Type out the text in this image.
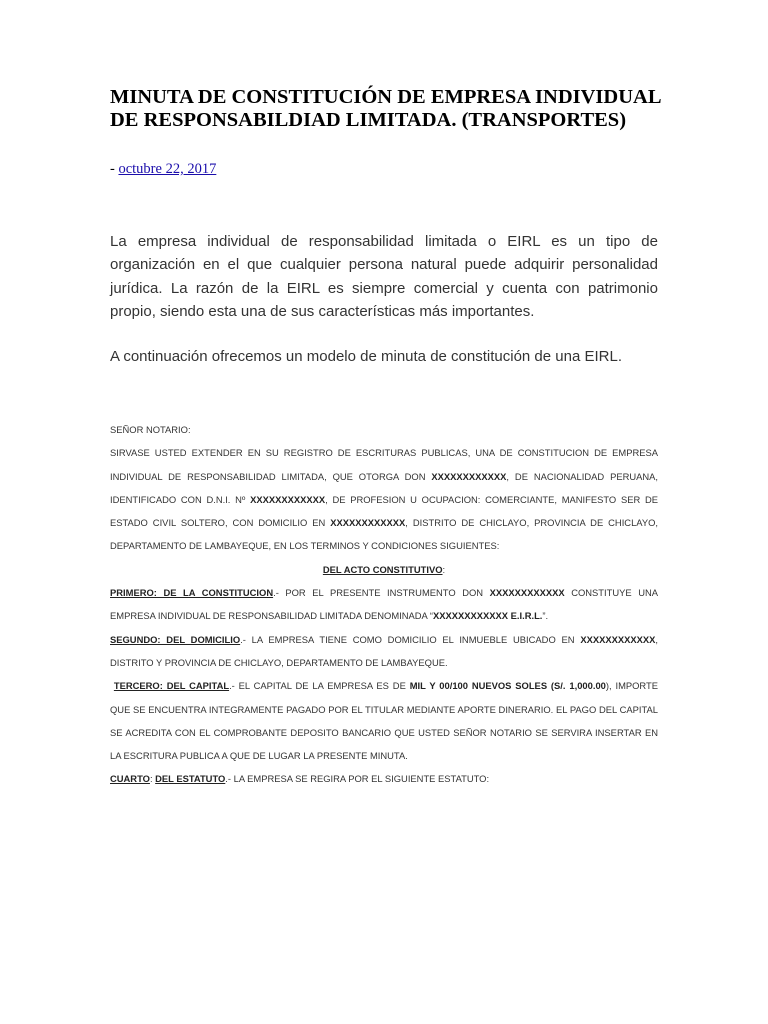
MINUTA DE CONSTITUCIÓN DE EMPRESA INDIVIDUAL DE RESPONSABILDIAD LIMITADA. (TRANSPORTES)
- octubre 22, 2017

La empresa individual de responsabilidad limitada o EIRL es un tipo de organización en el que cualquier persona natural puede adquirir personalidad jurídica. La razón de la EIRL es siempre comercial y cuenta con patrimonio propio, siendo esta una de sus características más importantes.

A continuación ofrecemos un modelo de minuta de constitución de una EIRL.

SEÑOR NOTARIO:

SIRVASE USTED EXTENDER EN SU REGISTRO DE ESCRITURAS PUBLICAS, UNA DE CONSTITUCION DE EMPRESA INDIVIDUAL DE RESPONSABILIDAD LIMITADA, QUE OTORGA DON XXXXXXXXXXXX, DE NACIONALIDAD PERUANA, IDENTIFICADO CON D.N.I. Nº XXXXXXXXXXXX, DE PROFESION U OCUPACION: COMERCIANTE, MANIFESTO SER DE ESTADO CIVIL SOLTERO, CON DOMICILIO EN XXXXXXXXXXXX, DISTRITO DE CHICLAYO, PROVINCIA DE CHICLAYO, DEPARTAMENTO DE LAMBAYEQUE, EN LOS TERMINOS Y CONDICIONES SIGUIENTES:

DEL ACTO CONSTITUTIVO:

PRIMERO: DE LA CONSTITUCION.- POR EL PRESENTE INSTRUMENTO DON XXXXXXXXXXXX CONSTITUYE UNA EMPRESA INDIVIDUAL DE RESPONSABILIDAD LIMITADA DENOMINADA “XXXXXXXXXXXX E.I.R.L.”.

SEGUNDO: DEL DOMICILIO.- LA EMPRESA TIENE COMO DOMICILIO EL INMUEBLE UBICADO EN XXXXXXXXXXXX, DISTRITO Y PROVINCIA DE CHICLAYO, DEPARTAMENTO DE LAMBAYEQUE.

TERCERO: DEL CAPITAL.- EL CAPITAL DE LA EMPRESA ES DE MIL Y 00/100 NUEVOS SOLES (S/. 1,000.00), IMPORTE QUE SE ENCUENTRA INTEGRAMENTE PAGADO POR EL TITULAR MEDIANTE APORTE DINERARIO. EL PAGO DEL CAPITAL SE ACREDITA CON EL COMPROBANTE DEPOSITO BANCARIO QUE USTED SEÑOR NOTARIO SE SERVIRA INSERTAR EN LA ESCRITURA PUBLICA A QUE DE LUGAR LA PRESENTE MINUTA.

CUARTO: DEL ESTATUTO.- LA EMPRESA SE REGIRA POR EL SIGUIENTE ESTATUTO:
